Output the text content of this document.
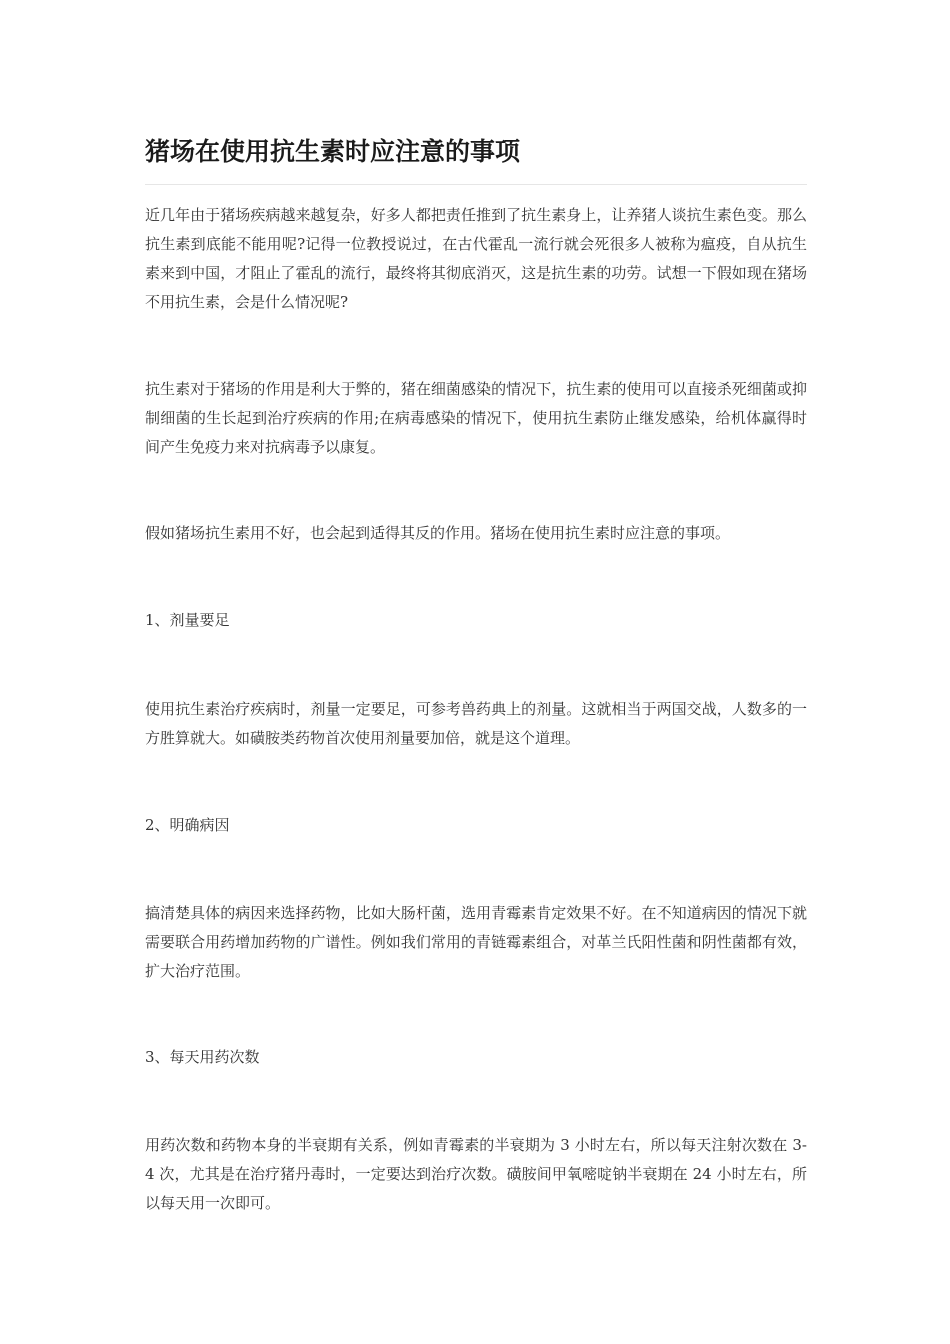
猪场在使用抗生素时应注意的事项

近几年由于猪场疾病越来越复杂，好多人都把责任推到了抗生素身上，让养猪人谈抗生素色变。那么抗生素到底能不能用呢?记得一位教授说过，在古代霍乱一流行就会死很多人被称为瘟疫，自从抗生素来到中国，才阻止了霍乱的流行，最终将其彻底消灭，这是抗生素的功劳。试想一下假如现在猪场不用抗生素，会是什么情况呢?

抗生素对于猪场的作用是利大于弊的，猪在细菌感染的情况下，抗生素的使用可以直接杀死细菌或抑制细菌的生长起到治疗疾病的作用;在病毒感染的情况下，使用抗生素防止继发感染，给机体赢得时间产生免疫力来对抗病毒予以康复。

假如猪场抗生素用不好，也会起到适得其反的作用。猪场在使用抗生素时应注意的事项。

1、剂量要足

使用抗生素治疗疾病时，剂量一定要足，可参考兽药典上的剂量。这就相当于两国交战，人数多的一方胜算就大。如磺胺类药物首次使用剂量要加倍，就是这个道理。

2、明确病因

搞清楚具体的病因来选择药物，比如大肠杆菌，选用青霉素肯定效果不好。在不知道病因的情况下就需要联合用药增加药物的广谱性。例如我们常用的青链霉素组合，对革兰氏阳性菌和阴性菌都有效，扩大治疗范围。

3、每天用药次数

用药次数和药物本身的半衰期有关系，例如青霉素的半衰期为 3 小时左右，所以每天注射次数在 3-4 次，尤其是在治疗猪丹毒时，一定要达到治疗次数。磺胺间甲氧嘧啶钠半衰期在 24 小时左右，所以每天用一次即可。
